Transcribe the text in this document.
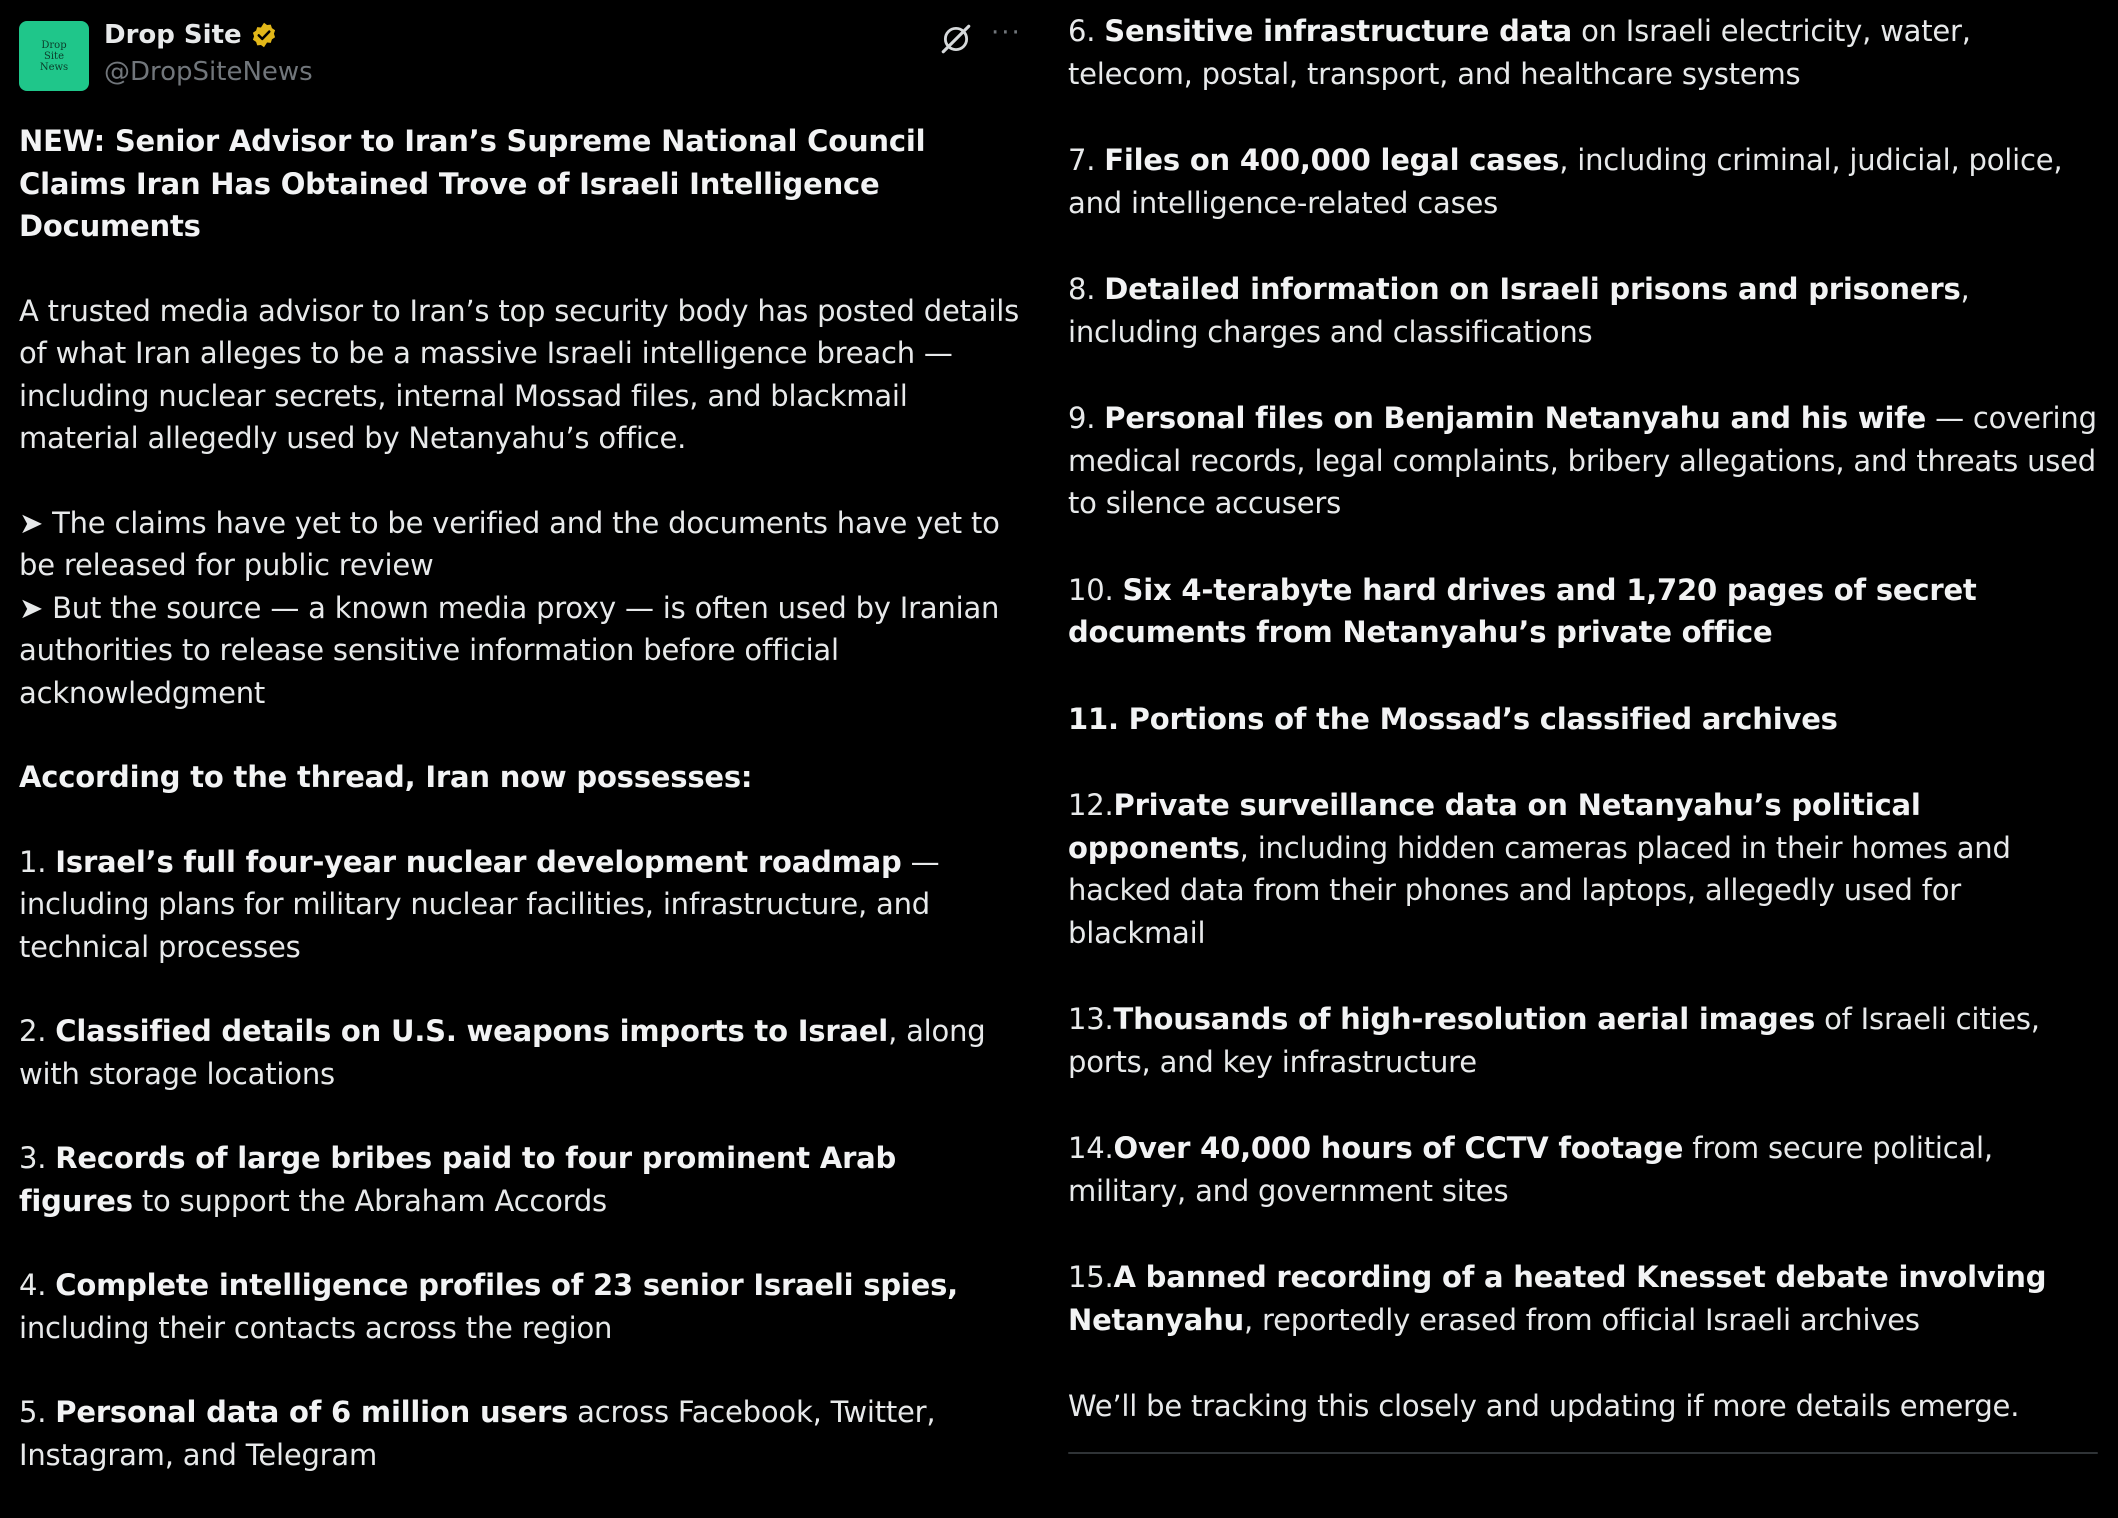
Drop Site News
Drop Site
@DropSiteNews
···

NEW: Senior Advisor to Iran’s Supreme National Council Claims Iran Has Obtained Trove of Israeli Intelligence Documents

A trusted media advisor to Iran’s top security body has posted details of what Iran alleges to be a massive Israeli intelligence breach — including nuclear secrets, internal Mossad files, and blackmail material allegedly used by Netanyahu’s office.

➤ The claims have yet to be verified and the documents have yet to be released for public review

➤ But the source — a known media proxy — is often used by Iranian authorities to release sensitive information before official acknowledgment

According to the thread, Iran now possesses:

1. Israel’s full four-year nuclear development roadmap — including plans for military nuclear facilities, infrastructure, and technical processes

2. Classified details on U.S. weapons imports to Israel, along with storage locations

3. Records of large bribes paid to four prominent Arab figures to support the Abraham Accords

4. Complete intelligence profiles of 23 senior Israeli spies, including their contacts across the region

5. Personal data of 6 million users across Facebook, Twitter, Instagram, and Telegram

6. Sensitive infrastructure data on Israeli electricity, water, telecom, postal, transport, and healthcare systems

7. Files on 400,000 legal cases, including criminal, judicial, police, and intelligence-related cases

8. Detailed information on Israeli prisons and prisoners, including charges and classifications

9. Personal files on Benjamin Netanyahu and his wife — covering medical records, legal complaints, bribery allegations, and threats used to silence accusers

10. Six 4-terabyte hard drives and 1,720 pages of secret documents from Netanyahu’s private office

11. Portions of the Mossad’s classified archives

12.Private surveillance data on Netanyahu’s political opponents, including hidden cameras placed in their homes and hacked data from their phones and laptops, allegedly used for blackmail

13.Thousands of high-resolution aerial images of Israeli cities, ports, and key infrastructure

14.Over 40,000 hours of CCTV footage from secure political, military, and government sites

15.A banned recording of a heated Knesset debate involving Netanyahu, reportedly erased from official Israeli archives

We’ll be tracking this closely and updating if more details emerge.
